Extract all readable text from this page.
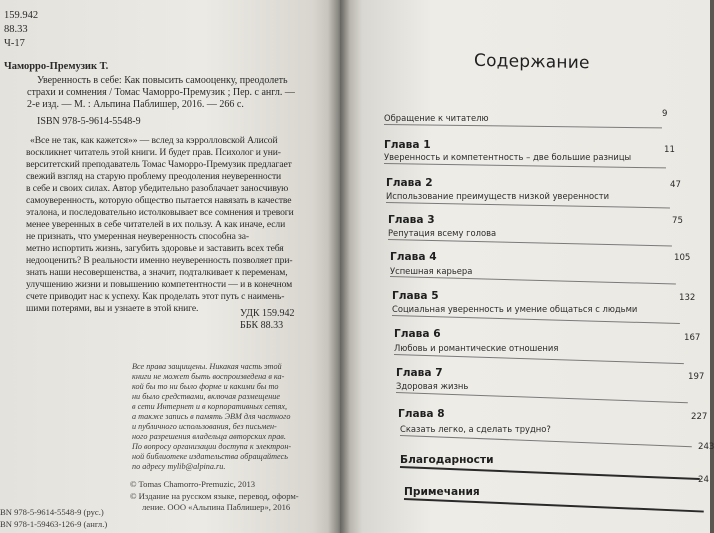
159.942
88.33
Ч-17
Чаморро-Премузик Т.
Уверенность в себе: Как повысить самооценку, преодолеть
страхи и сомнения / Томас Чаморро-Премузик ; Пер. с англ. —
2-е изд. — М. : Альпина Паблишер, 2016. — 266 с.
ISBN 978-5-9614-5548-9
«Все не так, как кажется»» — вслед за кэрролловской Алисой
воскликнет читатель этой книги. И будет прав. Психолог и уни-
верситетский преподаватель Томас Чаморро-Премузик предлагает
свежий взгляд на старую проблему преодоления неуверенности
в себе и своих силах. Автор убедительно разоблачает заносчивую
самоуверенность, которую общество пытается навязать в качестве
эталона, и последовательно истолковывает все сомнения и тревоги
менее уверенных в себе читателей в их пользу. А как иначе, если
не признать, что умеренная неуверенность способна за-
метно испортить жизнь, загубить здоровье и заставить всех тебя
недооценить? В реальности именно неуверенность позволяет при-
знать наши несовершенства, а значит, подталкивает к переменам,
улучшению жизни и повышению компетентности — и в конечном
счете приводит нас к успеху. Как проделать этот путь с наимень-
шими потерями, вы и узнаете в этой книге.	УДК 159.942
ББК 88.33
Все права защищены. Никакая часть этой
книги не может быть воспроизведена в ка-
кой бы то ни было форме и какими бы то
ни было средствами, включая размещение
в сети Интернет и в корпоративных сетях,
а также запись в память ЭВМ для частного
и публичного использования, без письмен-
ного разрешения владельца авторских прав.
По вопросу организации доступа к электрон-
ной библиотеке издательства обращайтесь
по адресу mylib@alpina.ru.
© Tomas Chamorro-Premuzic, 2013
© Издание на русском языке, перевод, оформ-
ление. ООО «Альпина Паблишер», 2016
BN 978-5-9614-5548-9 (рус.)
BN 978-1-59463-126-9 (англ.)
Содержание
Обращение к читателю	9
Глава 1
Уверенность и компетентность – две большие разницы
11
Глава 2
Использование преимуществ низкой уверенности
47
Глава 3
Репутация всему голова
75
Глава 4
Успешная карьера
105
Глава 5
Социальная уверенность и умение общаться с людьми
132
Глава 6
Любовь и романтические отношения
167
Глава 7
Здоровая жизнь
197
Глава 8
Сказать легко, а сделать трудно?
227
Благодарности
243
Примечания
24
